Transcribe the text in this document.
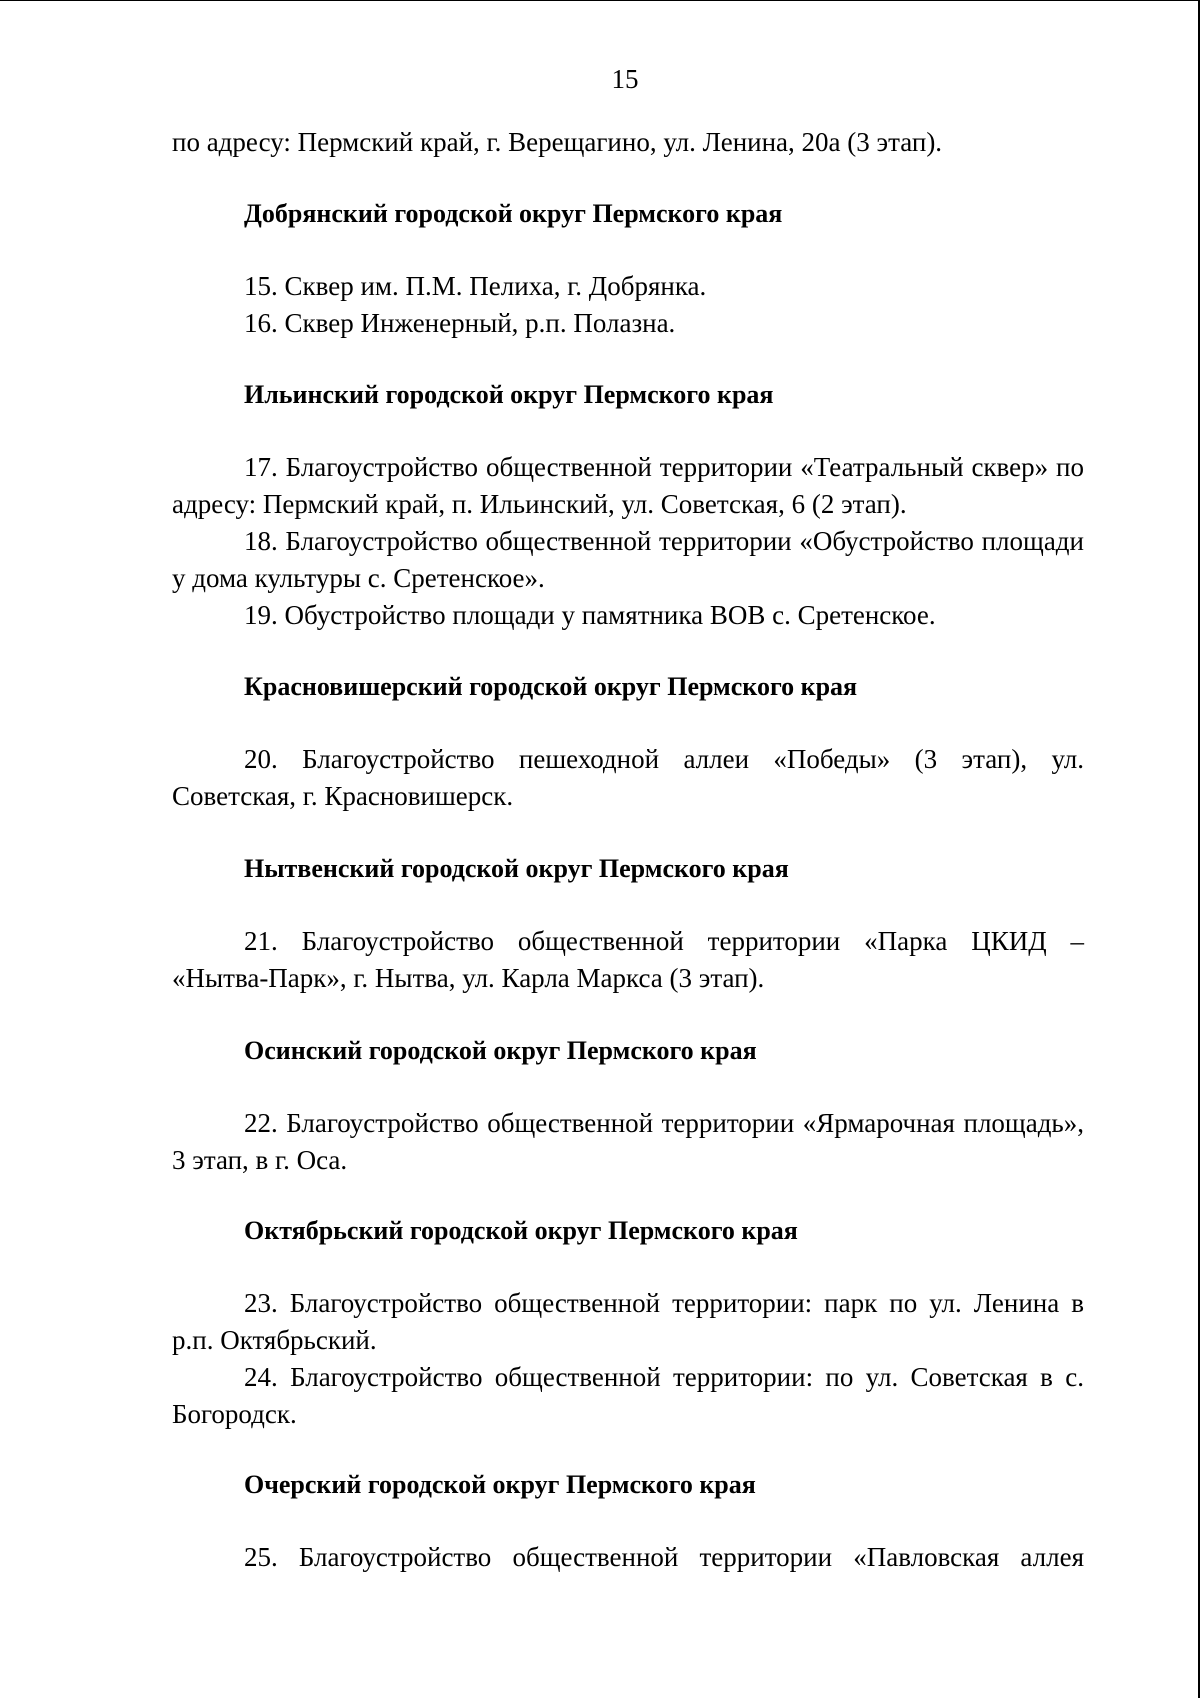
15

по адресу: Пермский край, г. Верещагино, ул. Ленина, 20а (3 этап).

Добрянский городской округ Пермского края
15. Сквер им. П.М. Пелиха, г. Добрянка.
16. Сквер Инженерный, р.п. Полазна.
Ильинский городской округ Пермского края

17. Благоустройство общественной территории «Театральный сквер» по адресу: Пермский край, п. Ильинский, ул. Советская, 6 (2 этап).

18. Благоустройство общественной территории «Обустройство площади у дома культуры с. Сретенское».

19. Обустройство площади у памятника ВОВ с. Сретенское.
Красновишерский городской округ Пермского края

20. Благоустройство пешеходной аллеи «Победы» (3 этап), ул. Советская, г. Красновишерск.

Нытвенский городской округ Пермского края

21. Благоустройство общественной территории «Парка ЦКИД – «Нытва-Парк», г. Нытва, ул. Карла Маркса (3 этап).

Осинский городской округ Пермского края

22. Благоустройство общественной территории «Ярмарочная площадь», 3 этап, в г. Оса.

Октябрьский городской округ Пермского края

23. Благоустройство общественной территории: парк по ул. Ленина в р.п. Октябрьский.

24. Благоустройство общественной территории: по ул. Советская в с. Богородск.

Очерский городской округ Пермского края

25. Благоустройство общественной территории «Павловская аллея
